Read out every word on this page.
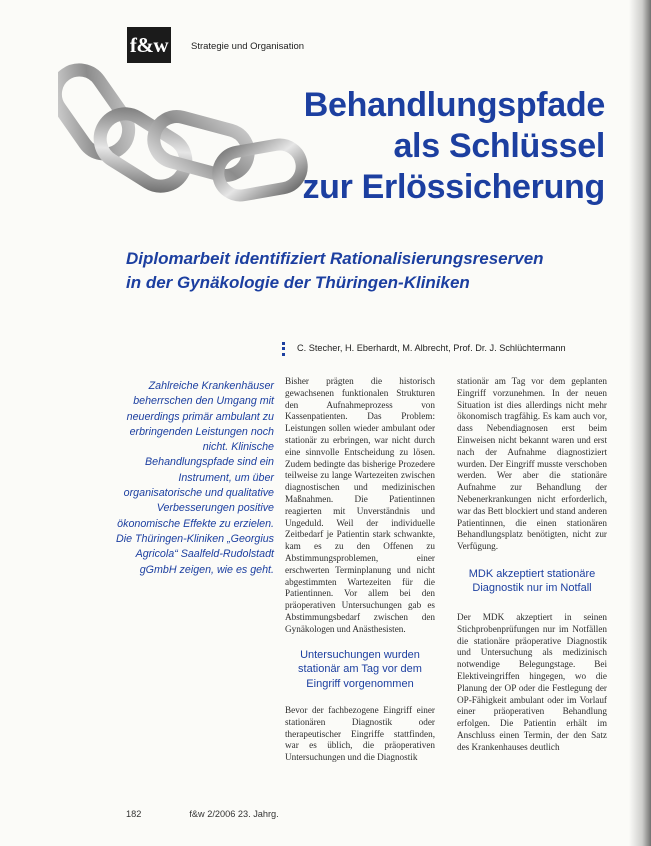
f&w	Strategie und Organisation
Behandlungspfade
als Schlüssel
zur Erlössicherung
Diplomarbeit identifiziert Rationalisierungsreserven
in der Gynäkologie der Thüringen-Kliniken
C. Stecher, H. Eberhardt, M. Albrecht, Prof. Dr. J. Schlüchtermann
Zahlreiche Krankenhäuser beherrschen den Umgang mit neuerdings primär ambulant zu erbringenden Leistungen noch nicht. Klinische Behandlungspfade sind ein Instrument, um über organisatorische und qualitative Verbesserungen positive ökonomische Effekte zu erzielen. Die Thüringen-Kliniken „Georgius Agricola“ Saalfeld-Rudolstadt gGmbH zeigen, wie es geht.

Bisher prägten die historisch gewachsenen funktionalen Strukturen den Aufnahmeprozess von Kassenpatienten. Das Problem: Leistungen sollen wieder ambulant oder stationär zu erbringen, war nicht durch eine sinnvolle Entscheidung zu lösen. Zudem bedingte das bisherige Prozedere teilweise zu lange Wartezeiten zwischen diagnostischen und medizinischen Maßnahmen. Die Patientinnen reagierten mit Unverständnis und Ungeduld. Weil der individuelle Zeitbedarf je Patientin stark schwankte, kam es zu den Offenen zu Abstimmungsproblemen, einer erschwerten Terminplanung und nicht abgestimmten Wartezeiten für die Patientinnen. Vor allem bei den präoperativen Untersuchungen gab es Abstimmungsbedarf zwischen den Gynäkologen und Anästhesisten.

Untersuchungen wurden stationär am Tag vor dem Eingriff vorgenommen

Bevor der fachbezogene Eingriff einer stationären Diagnostik oder therapeutischer Eingriffe stattfinden, war es üblich, die präoperativen Untersuchungen und die Diagnostik

stationär am Tag vor dem geplanten Eingriff vorzunehmen. In der neuen Situation ist dies allerdings nicht mehr ökonomisch tragfähig. Es kam auch vor, dass Nebendiagnosen erst beim Einweisen nicht bekannt waren und erst nach der Aufnahme diagnostiziert wurden. Der Eingriff musste verschoben werden. Wer aber die stationäre Aufnahme zur Behandlung der Nebenerkrankungen nicht erforderlich, war das Bett blockiert und stand anderen Patientinnen, die einen stationären Behandlungsplatz benötigten, nicht zur Verfügung.

MDK akzeptiert stationäre Diagnostik nur im Notfall

Der MDK akzeptiert in seinen Stichprobenprüfungen nur im Notfällen die stationäre präoperative Diagnostik und Untersuchung als medizinisch notwendige Belegungstage. Bei Elektiveingriffen hingegen, wo die Planung der OP oder die Festlegung der OP-Fähigkeit ambulant oder im Vorlauf einer präoperativen Behandlung erfolgen. Die Patientin erhält im Anschluss einen Termin, der den Satz des Krankenhauses deutlich

182	f&w 2/2006 23. Jahrg.
